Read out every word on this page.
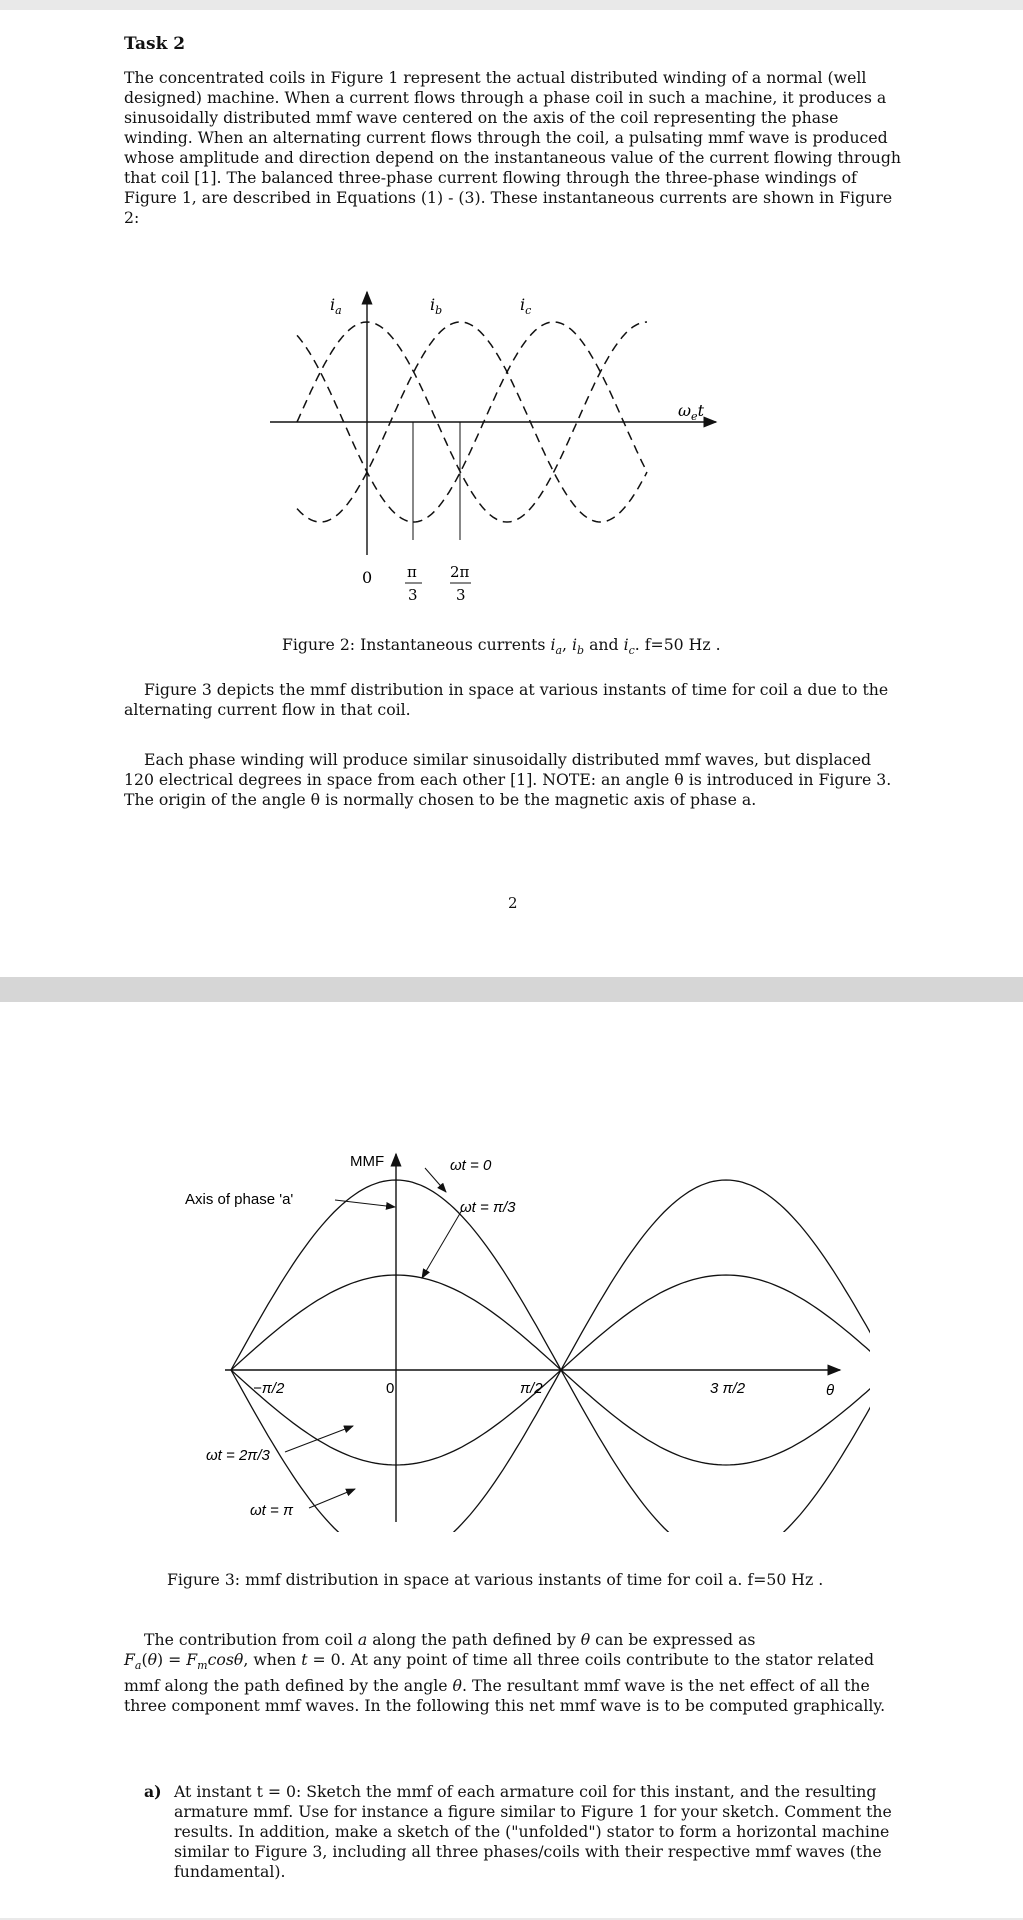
Task 2

The concentrated coils in Figure 1 represent the actual distributed winding of a normal (well designed) machine. When a current flows through a phase coil in such a machine, it produces a sinusoidally distributed mmf wave centered on the axis of the coil representing the phase winding. When an alternating current flows through the coil, a pulsating mmf wave is produced whose amplitude and direction depend on the instantaneous value of the current flowing through that coil [1]. The balanced three-phase current flowing through the three-phase windings of Figure 1, are described in Equations (1) - (3). These instantaneous currents are shown in Figure 2:

$i_a$	$i_b$	$i_c$
$\omega_et$
0 π
3
2π
3
Figure 2: Instantaneous currents $i_a$, $i_b$ and $i_c$. f=50 Hz .

Figure 3 depicts the mmf distribution in space at various instants of time for coil a due to the alternating current flow in that coil.

Each phase winding will produce similar sinusoidally distributed mmf waves, but displaced 120 electrical degrees in space from each other [1]. NOTE: an angle θ is introduced in Figure 3. The origin of the angle θ is normally chosen to be the magnetic axis of phase a.

2
MMF
Axis of phase 'a'
ωt = 0
ωt = π/3
ωt = 2π/3
ωt = π
−π/2	0	π/2	3 π/2	θ
Figure 3: mmf distribution in space at various instants of time for coil a. f=50 Hz .
The contribution from coil a along the path defined by θ can be expressed as
$F_a(\theta) = F_m\cos\theta$, when t = 0. At any point of time all three coils contribute to the stator related mmf along the path defined by the angle θ. The resultant mmf wave is the net effect of all the three component mmf waves. In the following this net mmf wave is to be computed graphically.
a) At instant t = 0: Sketch the mmf of each armature coil for this instant, and the resulting armature mmf. Use for instance a figure similar to Figure 1 for your sketch. Comment the results. In addition, make a sketch of the ("unfolded") stator to form a horizontal machine similar to Figure 3, including all three phases/coils with their respective mmf waves (the fundamental).
